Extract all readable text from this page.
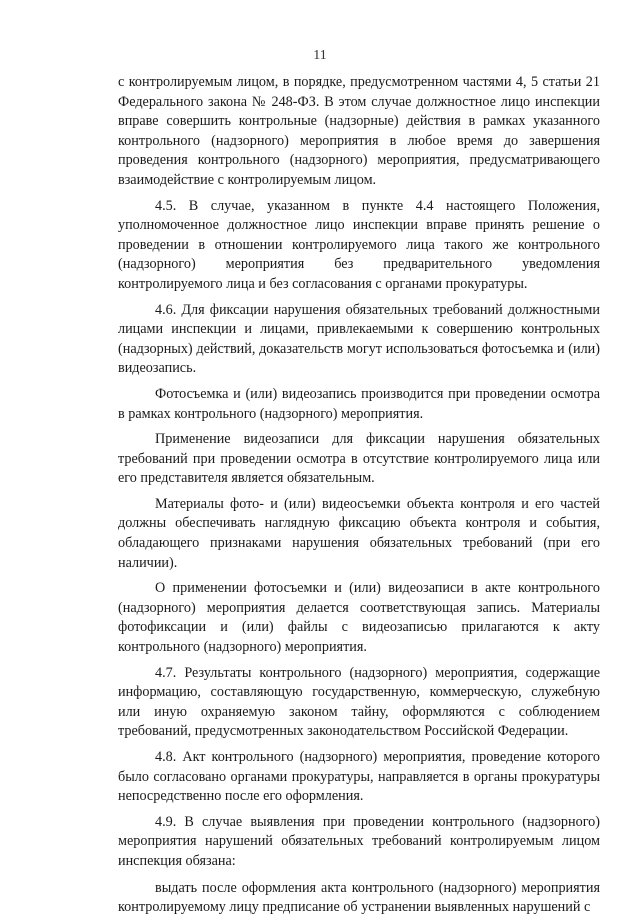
11

с контролируемым лицом, в порядке, предусмотренном частями 4, 5 статьи 21 Федерального закона № 248-ФЗ. В этом случае должностное лицо инспекции вправе совершить контрольные (надзорные) действия в рамках указанного контрольного (надзорного) мероприятия в любое время до завершения проведения контрольного (надзорного) мероприятия, предусматривающего взаимодействие с контролируемым лицом.

4.5. В случае, указанном в пункте 4.4 настоящего Положения, уполномоченное должностное лицо инспекции вправе принять решение о проведении в отношении контролируемого лица такого же контрольного (надзорного) мероприятия без предварительного уведомления контролируемого лица и без согласования с органами прокуратуры.

4.6. Для фиксации нарушения обязательных требований должностными лицами инспекции и лицами, привлекаемыми к совершению контрольных (надзорных) действий, доказательств могут использоваться фотосъемка и (или) видеозапись.

Фотосъемка и (или) видеозапись производится при проведении осмотра в рамках контрольного (надзорного) мероприятия.

Применение видеозаписи для фиксации нарушения обязательных требований при проведении осмотра в отсутствие контролируемого лица или его представителя является обязательным.

Материалы фото- и (или) видеосъемки объекта контроля и его частей должны обеспечивать наглядную фиксацию объекта контроля и события, обладающего признаками нарушения обязательных требований (при его наличии).

О применении фотосъемки и (или) видеозаписи в акте контрольного (надзорного) мероприятия делается соответствующая запись. Материалы фотофиксации и (или) файлы с видеозаписью прилагаются к акту контрольного (надзорного) мероприятия.

4.7. Результаты контрольного (надзорного) мероприятия, содержащие информацию, составляющую государственную, коммерческую, служебную или иную охраняемую законом тайну, оформляются с соблюдением требований, предусмотренных законодательством Российской Федерации.

4.8. Акт контрольного (надзорного) мероприятия, проведение которого было согласовано органами прокуратуры, направляется в органы прокуратуры непосредственно после его оформления.

4.9. В случае выявления при проведении контрольного (надзорного) мероприятия нарушений обязательных требований контролируемым лицом инспекция обязана:

выдать после оформления акта контрольного (надзорного) мероприятия контролируемому лицу предписание об устранении выявленных нарушений с
